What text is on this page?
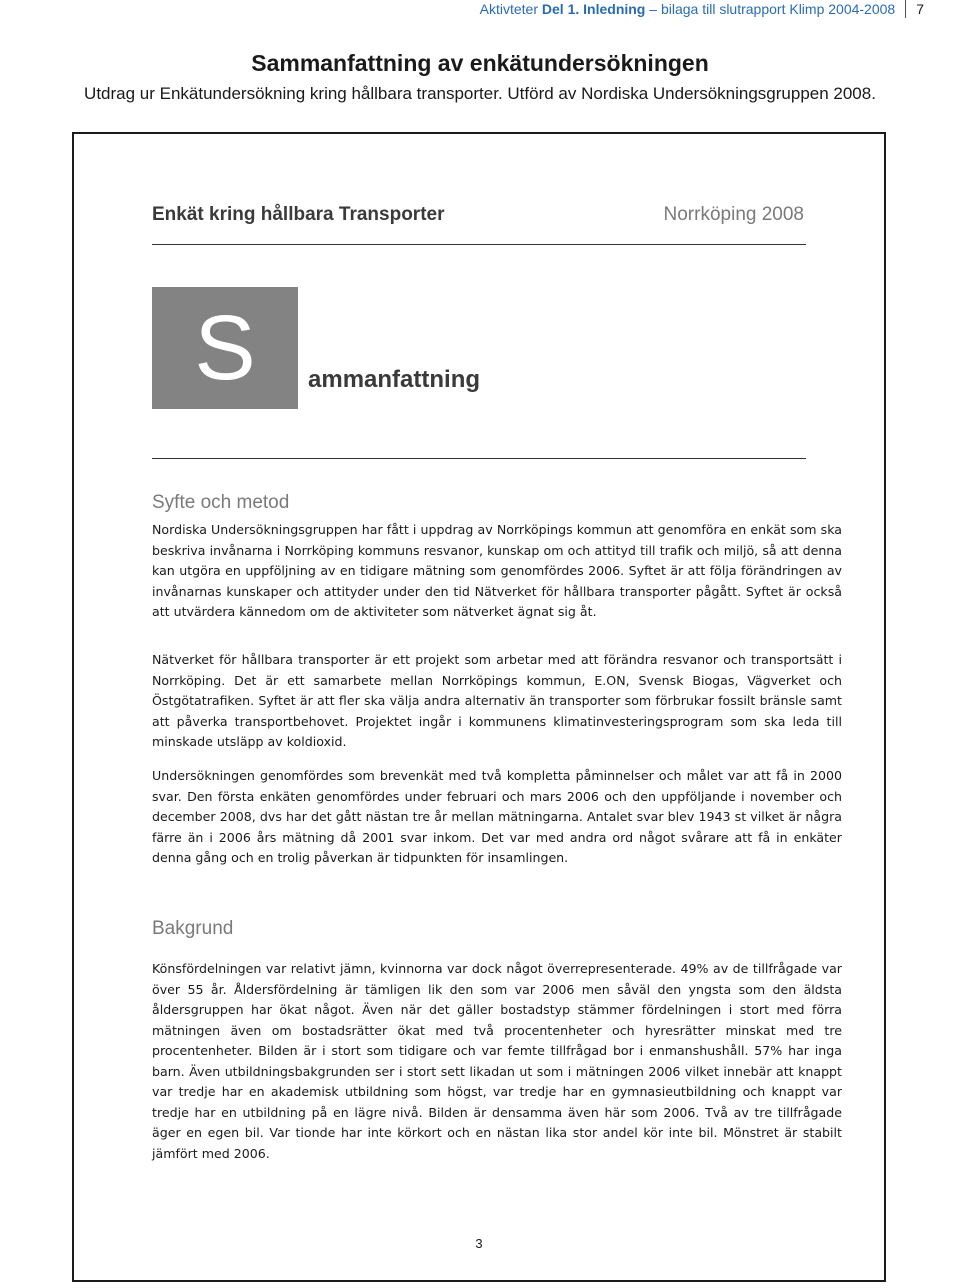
Aktivteter
Del 1. Inledning
–
bilaga till slutrapport Klimp 2004-2008 7
Sammanfattning av enkätundersökningen
Utdrag ur Enkätundersökning kring hållbara transporter. Utförd av Nordiska Undersökningsgruppen 2008.
Enkät kring hållbara Transporter	Norrköping 2008
S	ammanfattning
Syfte och metod
Nordiska Undersökningsgruppen har fått i uppdrag av Norrköpings kommun att genomföra en enkät som ska beskriva invånarna i Norrköping kommuns resvanor, kunskap om och attityd till trafik och miljö, så att denna kan utgöra en uppföljning av en tidigare mätning som genomfördes 2006. Syftet är att följa förändringen av invånarnas kunskaper och attityder under den tid Nätverket för hållbara transporter pågått. Syftet är också att utvärdera kännedom om de aktiviteter som nätverket ägnat sig åt.
Nätverket för hållbara transporter är ett projekt som arbetar med att förändra resvanor och transportsätt i Norrköping. Det är ett samarbete mellan Norrköpings kommun, E.ON, Svensk Biogas, Vägverket och Östgötatrafiken. Syftet är att fler ska välja andra alternativ än transporter som förbrukar fossilt bränsle samt att påverka transportbehovet. Projektet ingår i kommunens klimatinvesteringsprogram som ska leda till minskade utsläpp av koldioxid.
Undersökningen genomfördes som brevenkät med två kompletta påminnelser och målet var att få in 2000 svar. Den första enkäten genomfördes under februari och mars 2006 och den uppföljande i november och december 2008, dvs har det gått nästan tre år mellan mätningarna. Antalet svar blev 1943 st vilket är några färre än i 2006 års mätning då 2001 svar inkom. Det var med andra ord något svårare att få in enkäter denna gång och en trolig påverkan är tidpunkten för insamlingen.
Bakgrund
Könsfördelningen var relativt jämn, kvinnorna var dock något överrepresenterade. 49% av de tillfrågade var över 55 år. Åldersfördelning är tämligen lik den som var 2006 men såväl den yngsta som den äldsta åldersgruppen har ökat något. Även när det gäller bostadstyp stämmer fördelningen i stort med förra mätningen även om bostadsrätter ökat med två procentenheter och hyresrätter minskat med tre procentenheter. Bilden är i stort som tidigare och var femte tillfrågad bor i enmanshushåll. 57% har inga barn. Även utbildningsbakgrunden ser i stort sett likadan ut som i mätningen 2006 vilket innebär att knappt var tredje har en akademisk utbildning som högst, var tredje har en gymnasieutbildning och knappt var tredje har en utbildning på en lägre nivå. Bilden är densamma även här som 2006. Två av tre tillfrågade äger en egen bil. Var tionde har inte körkort och en nästan lika stor andel kör inte bil. Mönstret är stabilt jämfört med 2006.
3
